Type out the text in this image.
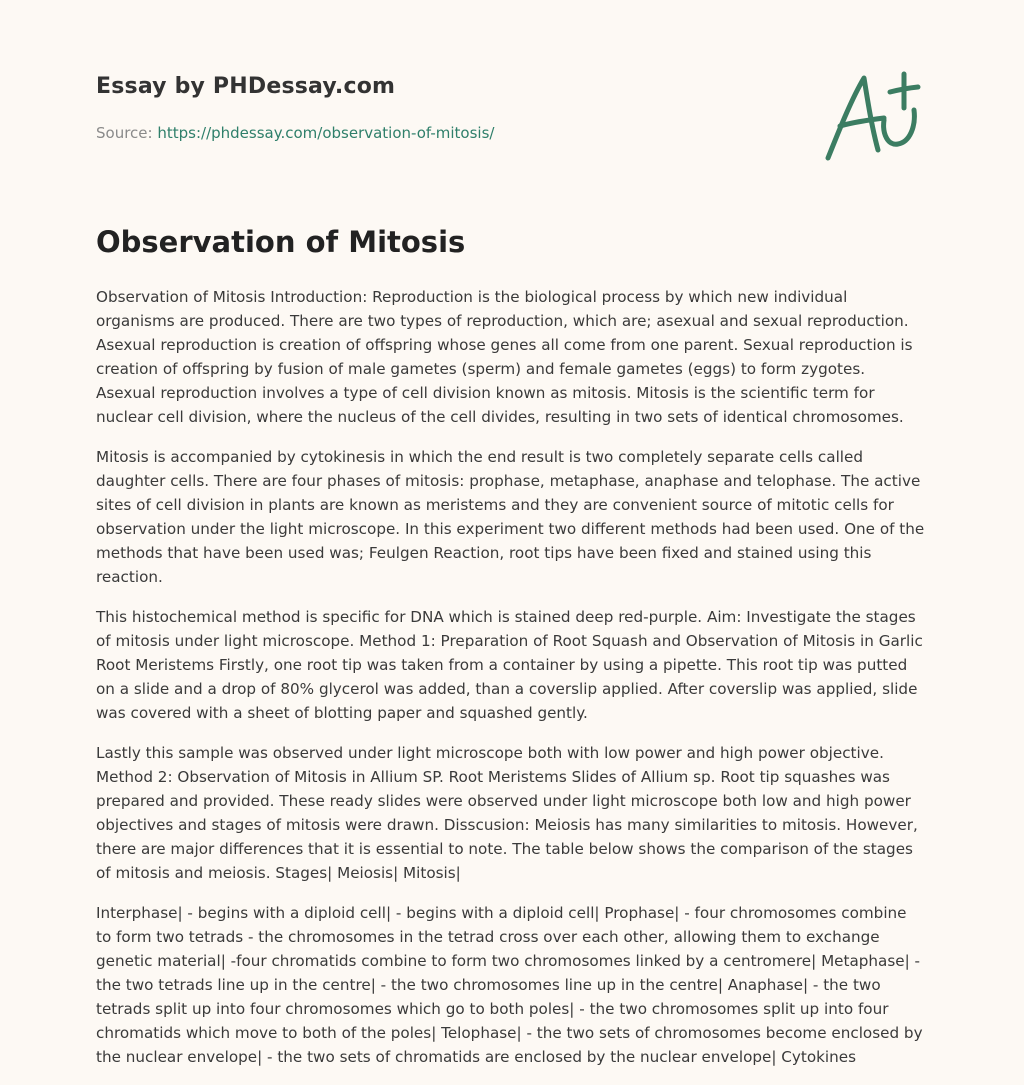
Essay by PHDessay.com
Source: https://phdessay.com/observation-of-mitosis/
Observation of Mitosis

Observation of Mitosis Introduction: Reproduction is the biological process by which new individual organisms are produced. There are two types of reproduction, which are; asexual and sexual reproduction. Asexual reproduction is creation of offspring whose genes all come from one parent. Sexual reproduction is creation of offspring by fusion of male gametes (sperm) and female gametes (eggs) to form zygotes. Asexual reproduction involves a type of cell division known as mitosis. Mitosis is the scientific term for nuclear cell division, where the nucleus of the cell divides, resulting in two sets of identical chromosomes.

Mitosis is accompanied by cytokinesis in which the end result is two completely separate cells called daughter cells. There are four phases of mitosis: prophase, metaphase, anaphase and telophase. The active sites of cell division in plants are known as meristems and they are convenient source of mitotic cells for observation under the light microscope. In this experiment two different methods had been used. One of the methods that have been used was; Feulgen Reaction, root tips have been fixed and stained using this reaction.

This histochemical method is specific for DNA which is stained deep red-purple. Aim: Investigate the stages of mitosis under light microscope. Method 1: Preparation of Root Squash and Observation of Mitosis in Garlic Root Meristems Firstly, one root tip was taken from a container by using a pipette. This root tip was putted on a slide and a drop of 80% glycerol was added, than a coverslip applied. After coverslip was applied, slide was covered with a sheet of blotting paper and squashed gently.

Lastly this sample was observed under light microscope both with low power and high power objective. Method 2: Observation of Mitosis in Allium SP. Root Meristems Slides of Allium sp. Root tip squashes was prepared and provided. These ready slides were observed under light microscope both low and high power objectives and stages of mitosis were drawn. Disscusion: Meiosis has many similarities to mitosis. However, there are major differences that it is essential to note. The table below shows the comparison of the stages of mitosis and meiosis. Stages| Meiosis| Mitosis|

Interphase| - begins with a diploid cell| - begins with a diploid cell| Prophase| - four chromosomes combine to form two tetrads - the chromosomes in the tetrad cross over each other, allowing them to exchange genetic material| -four chromatids combine to form two chromosomes linked by a centromere| Metaphase| - the two tetrads line up in the centre| - the two chromosomes line up in the centre| Anaphase| - the two tetrads split up into four chromosomes which go to both poles| - the two chromosomes split up into four chromatids which move to both of the poles| Telophase| - the two sets of chromosomes become enclosed by the nuclear envelope| - the two sets of chromatids are enclosed by the nuclear envelope| Cytokines
